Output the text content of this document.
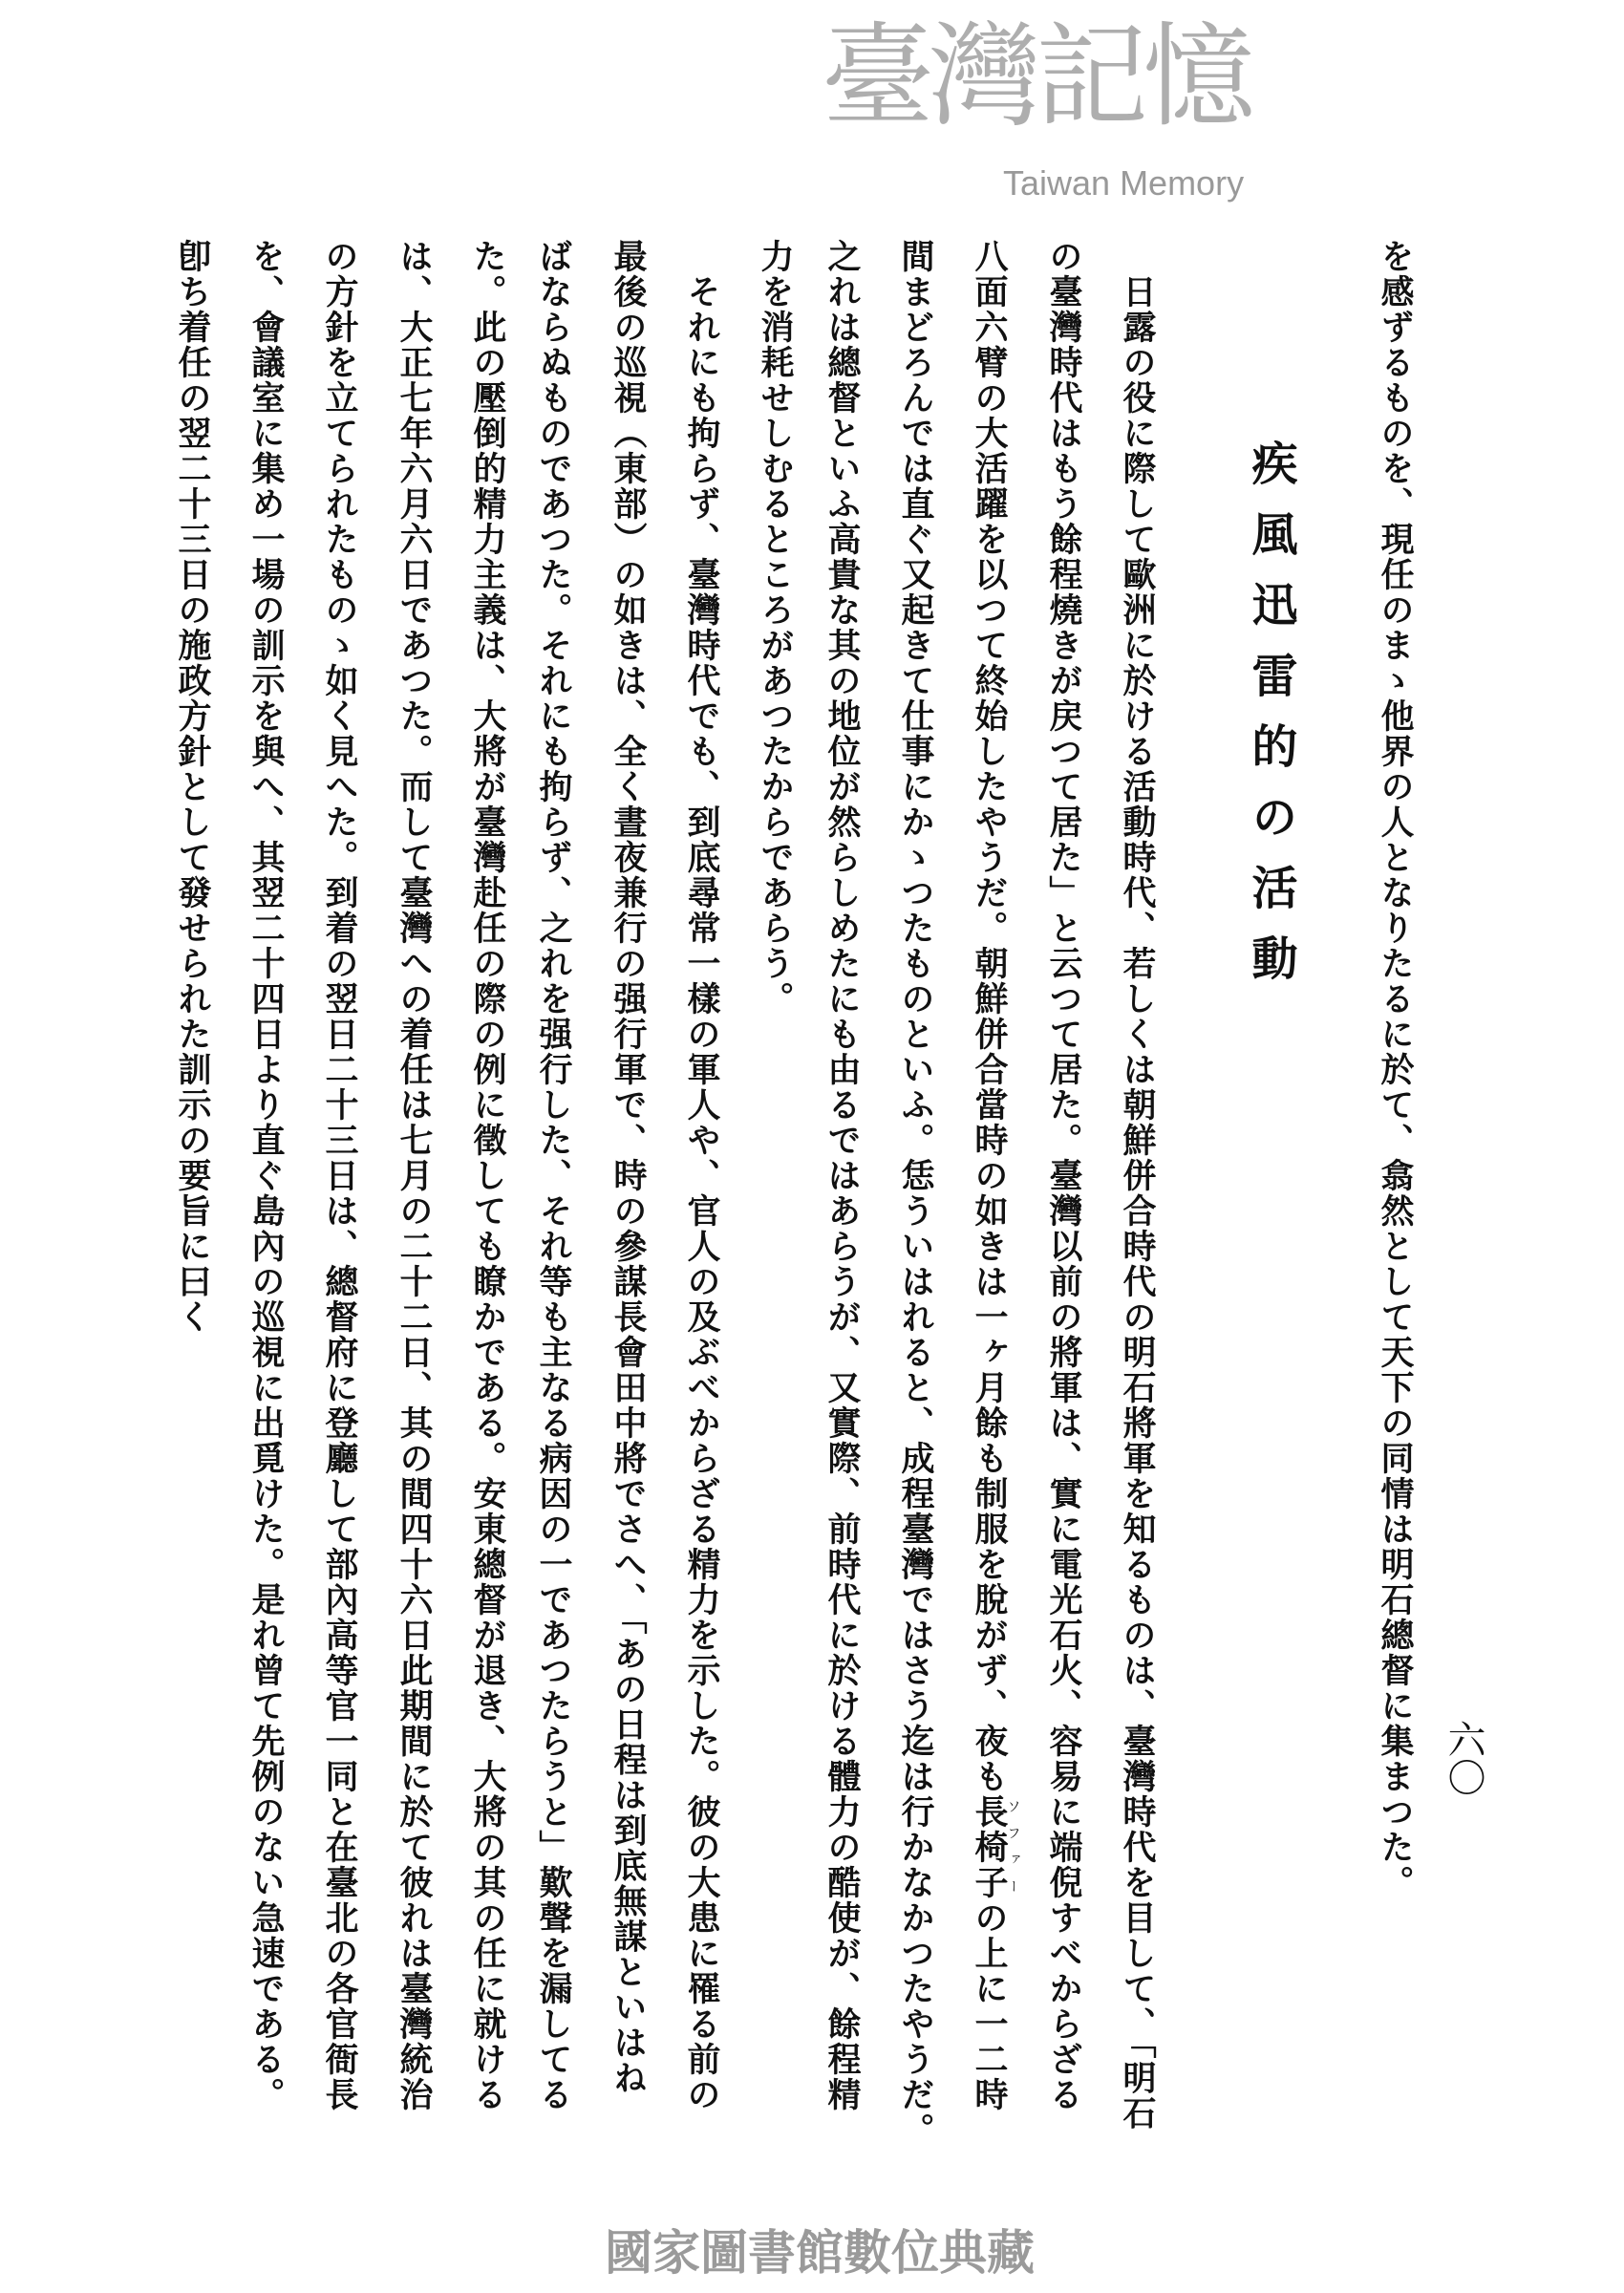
六〇
を感ずるものを、現任のまゝ他界の人となりたるに於て、翕然として天下の同情は明石總督に集まつた。
疾風迅雷的の活動
　日露の役に際して歐洲に於ける活動時代、若しくは朝鮮併合時代の明石將軍を知るものは、臺灣時代を目して、「明石
の臺灣時代はもう餘程燒きが戻つて居た」と云つて居た。臺灣以前の將軍は、實に電光石火、容易に端倪すべからざる
八面六臂の大活躍を以つて終始したやうだ。朝鮮併合當時の如きは一ヶ月餘も制服を脫がず、夜も長椅子ソファーの上に一二時
間まどろんでは直ぐ又起きて仕事にかゝつたものといふ。恁ういはれると、成程臺灣ではさう迄は行かなかつたやうだ。
之れは總督といふ高貴な其の地位が然らしめたにも由るではあらうが、又實際、前時代に於ける體力の酷使が、餘程精
力を消耗せしむるところがあつたからであらう。
　それにも拘らず、臺灣時代でも、到底尋常一樣の軍人や、官人の及ぶべからざる精力を示した。彼の大患に罹る前の
最後の巡視（東部）の如きは、全く晝夜兼行の强行軍で、時の參謀長會田中將でさへ、「あの日程は到底無謀といはね
ばならぬものであつた。それにも拘らず、之れを强行した、それ等も主なる病因の一であつたらうと」歎聲を漏してる
た。此の壓倒的精力主義は、大將が臺灣赴任の際の例に徵しても瞭かである。安東總督が退き、大將の其の任に就ける
は、大正七年六月六日であつた。而して臺灣への着任は七月の二十二日、其の間四十六日此期間に於て彼れは臺灣統治
の方針を立てられたものゝ如く見へた。到着の翌日二十三日は、總督府に登廳して部內高等官一同と在臺北の各官衙長
を、會議室に集め一場の訓示を與へ、其翌二十四日より直ぐ島內の巡視に出覓けた。是れ曾て先例のない急速である。
卽ち着任の翌二十三日の施政方針として發せられた訓示の要旨に曰く
臺灣記憶
Taiwan Memory
國家圖書館數位典藏
